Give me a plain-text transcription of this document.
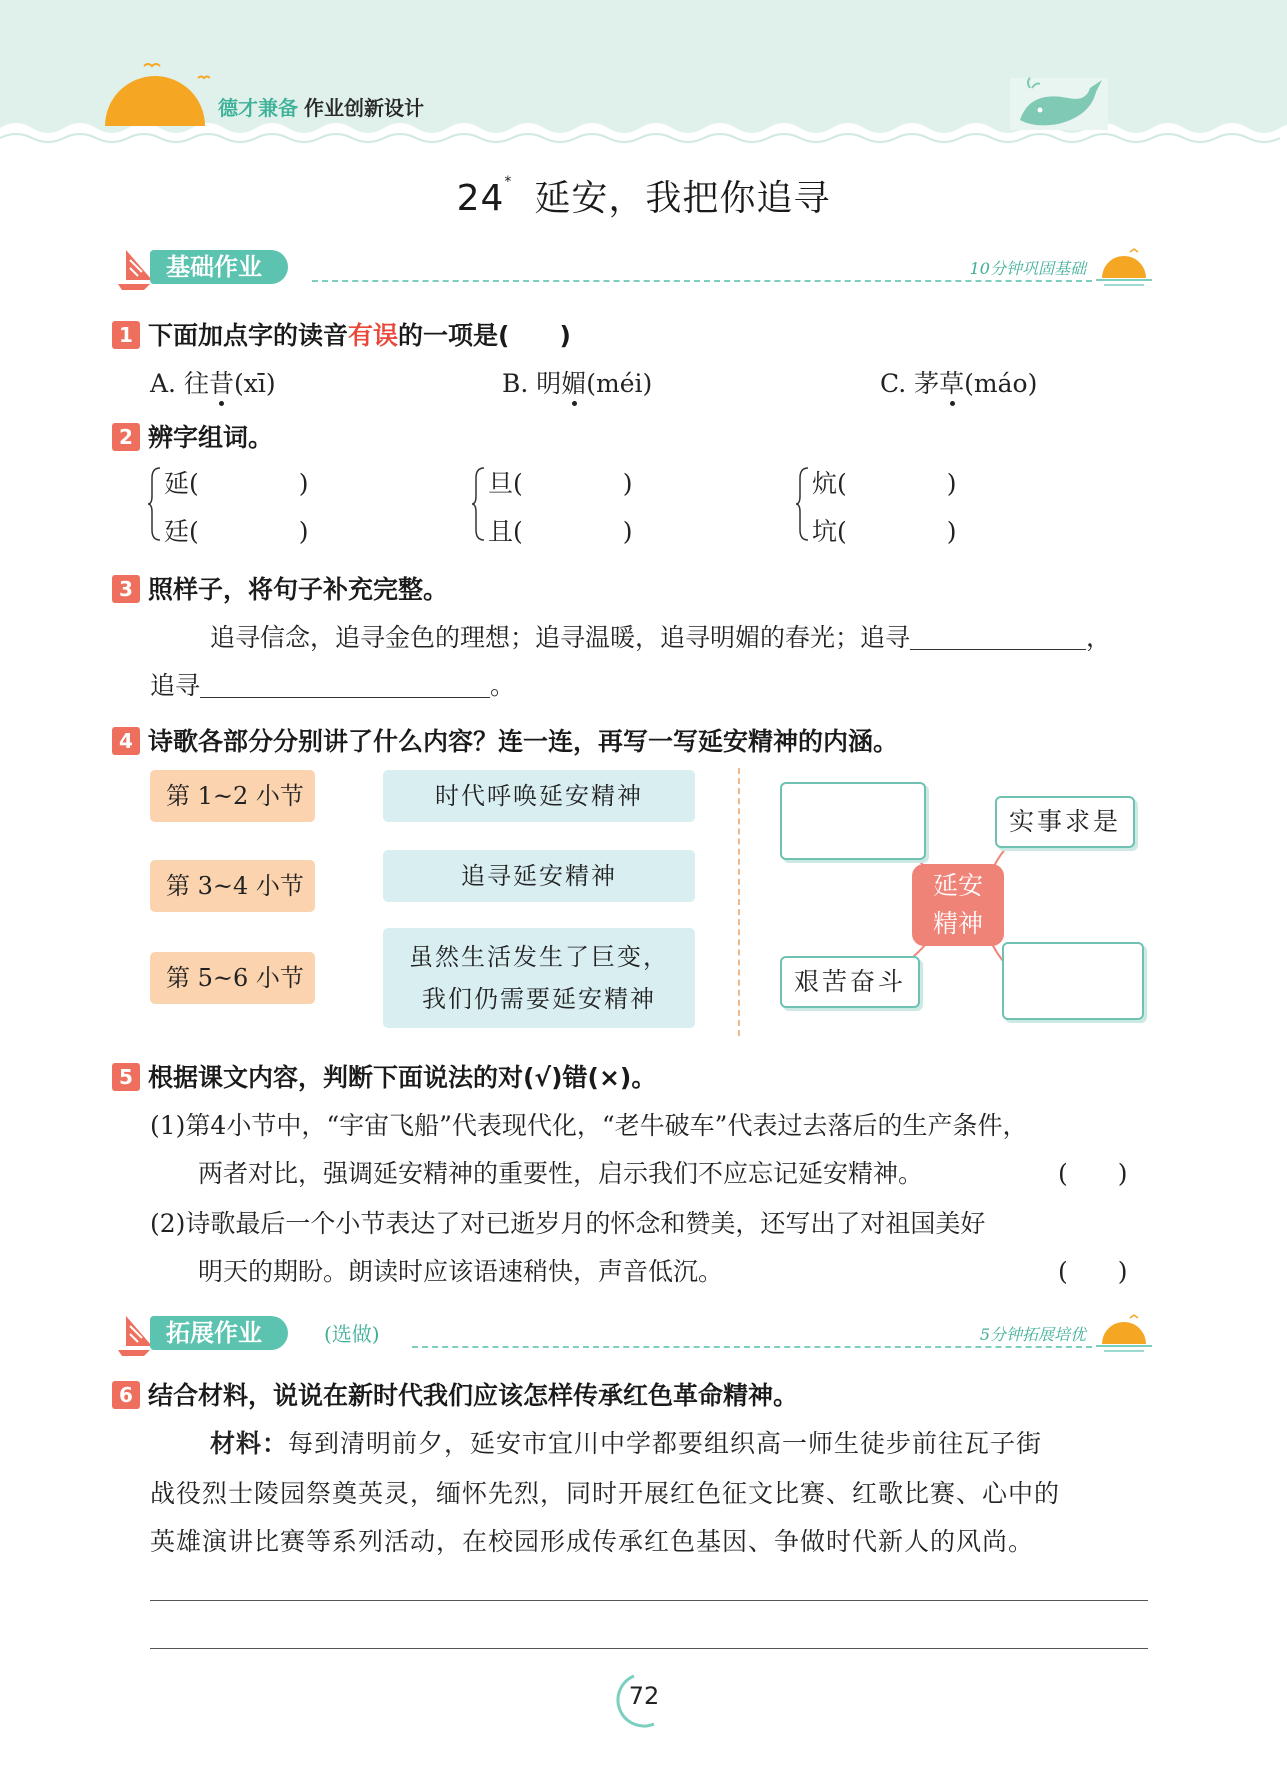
德才兼备 作业创新设计
24* 延安，我把你追寻
基础作业	10分钟巩固基础
1 下面加点字的读音有误的一项是(　　)
A. 往昔(xī)	B. 明媚(méi)	C. 茅草(máo)
2 辨字组词。
延(　　　　)
廷(　　　　)
旦(　　　　)
且(　　　　)
炕(　　　　)
坑(　　　　)
3 照样子，将句子补充完整。
追寻信念，追寻金色的理想；追寻温暖，追寻明媚的春光；追寻	，
追寻	。
4 诗歌各部分分别讲了什么内容？连一连，再写一写延安精神的内涵。
第 1~2 小节
第 3~4 小节
第 5~6 小节
时代呼唤延安精神
追寻延安精神
虽然生活发生了巨变，
我们仍需要延安精神
实事求是
艰苦奋斗
延安
精神
5 根据课文内容，判断下面说法的对(√)错(×)。
(1)第4小节中，“宇宙飞船”代表现代化，“老牛破车”代表过去落后的生产条件，
两者对比，强调延安精神的重要性，启示我们不应忘记延安精神。	(　　)
(2)诗歌最后一个小节表达了对已逝岁月的怀念和赞美，还写出了对祖国美好
明天的期盼。朗读时应该语速稍快，声音低沉。	(　　)
拓展作业	(选做)	5分钟拓展培优
6 结合材料，说说在新时代我们应该怎样传承红色革命精神。
材料：每到清明前夕，延安市宜川中学都要组织高一师生徒步前往瓦子街
战役烈士陵园祭奠英灵，缅怀先烈，同时开展红色征文比赛、红歌比赛、心中的
英雄演讲比赛等系列活动，在校园形成传承红色基因、争做时代新人的风尚。
72
